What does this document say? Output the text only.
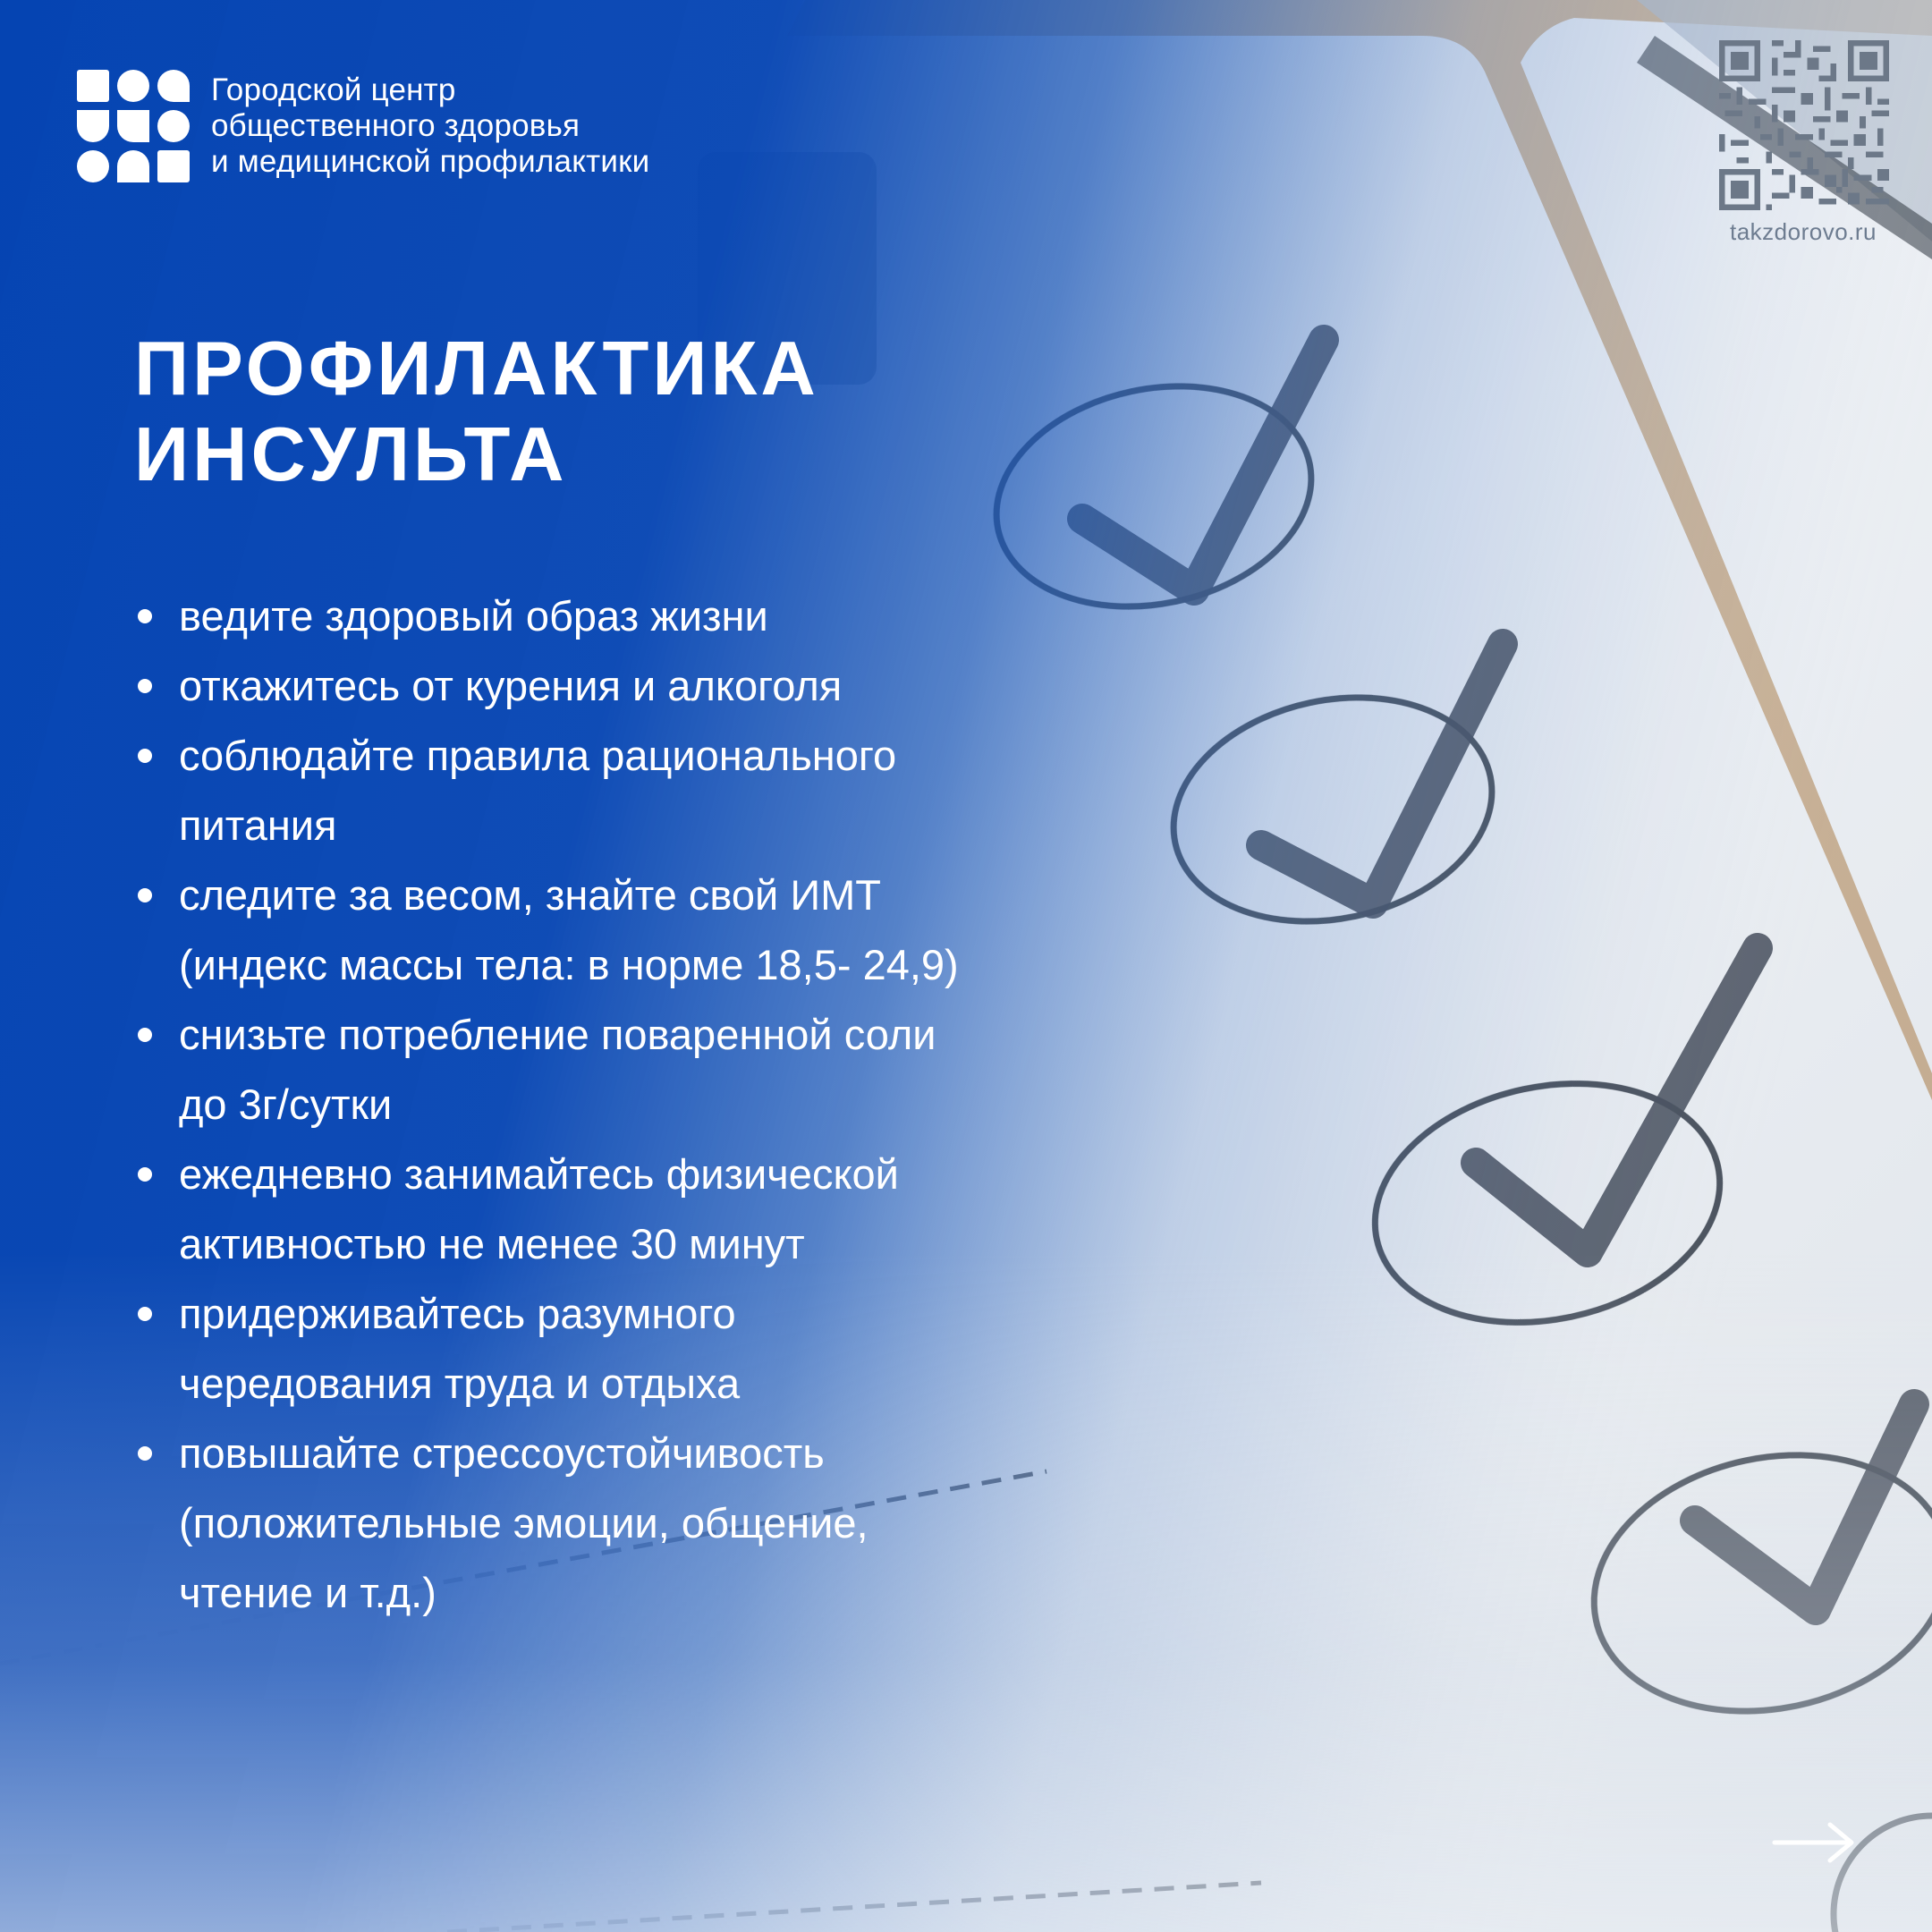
Городской центр
общественного здоровья
и медицинской профилактики
takzdorovo.ru
ПРОФИЛАКТИКА
ИНСУЛЬТА
ведите здоровый образ жизни
откажитесь от курения и алкоголя
соблюдайте правила рационального
питания
следите за весом, знайте свой ИМТ
(индекс массы тела: в норме 18,5- 24,9)
снизьте потребление поваренной соли
до 3г/сутки
ежедневно занимайтесь физической
активностью не менее 30 минут
придерживайтесь разумного
чередования труда и отдыха
повышайте стрессоустойчивость
(положительные эмоции, общение,
чтение и т.д.)
